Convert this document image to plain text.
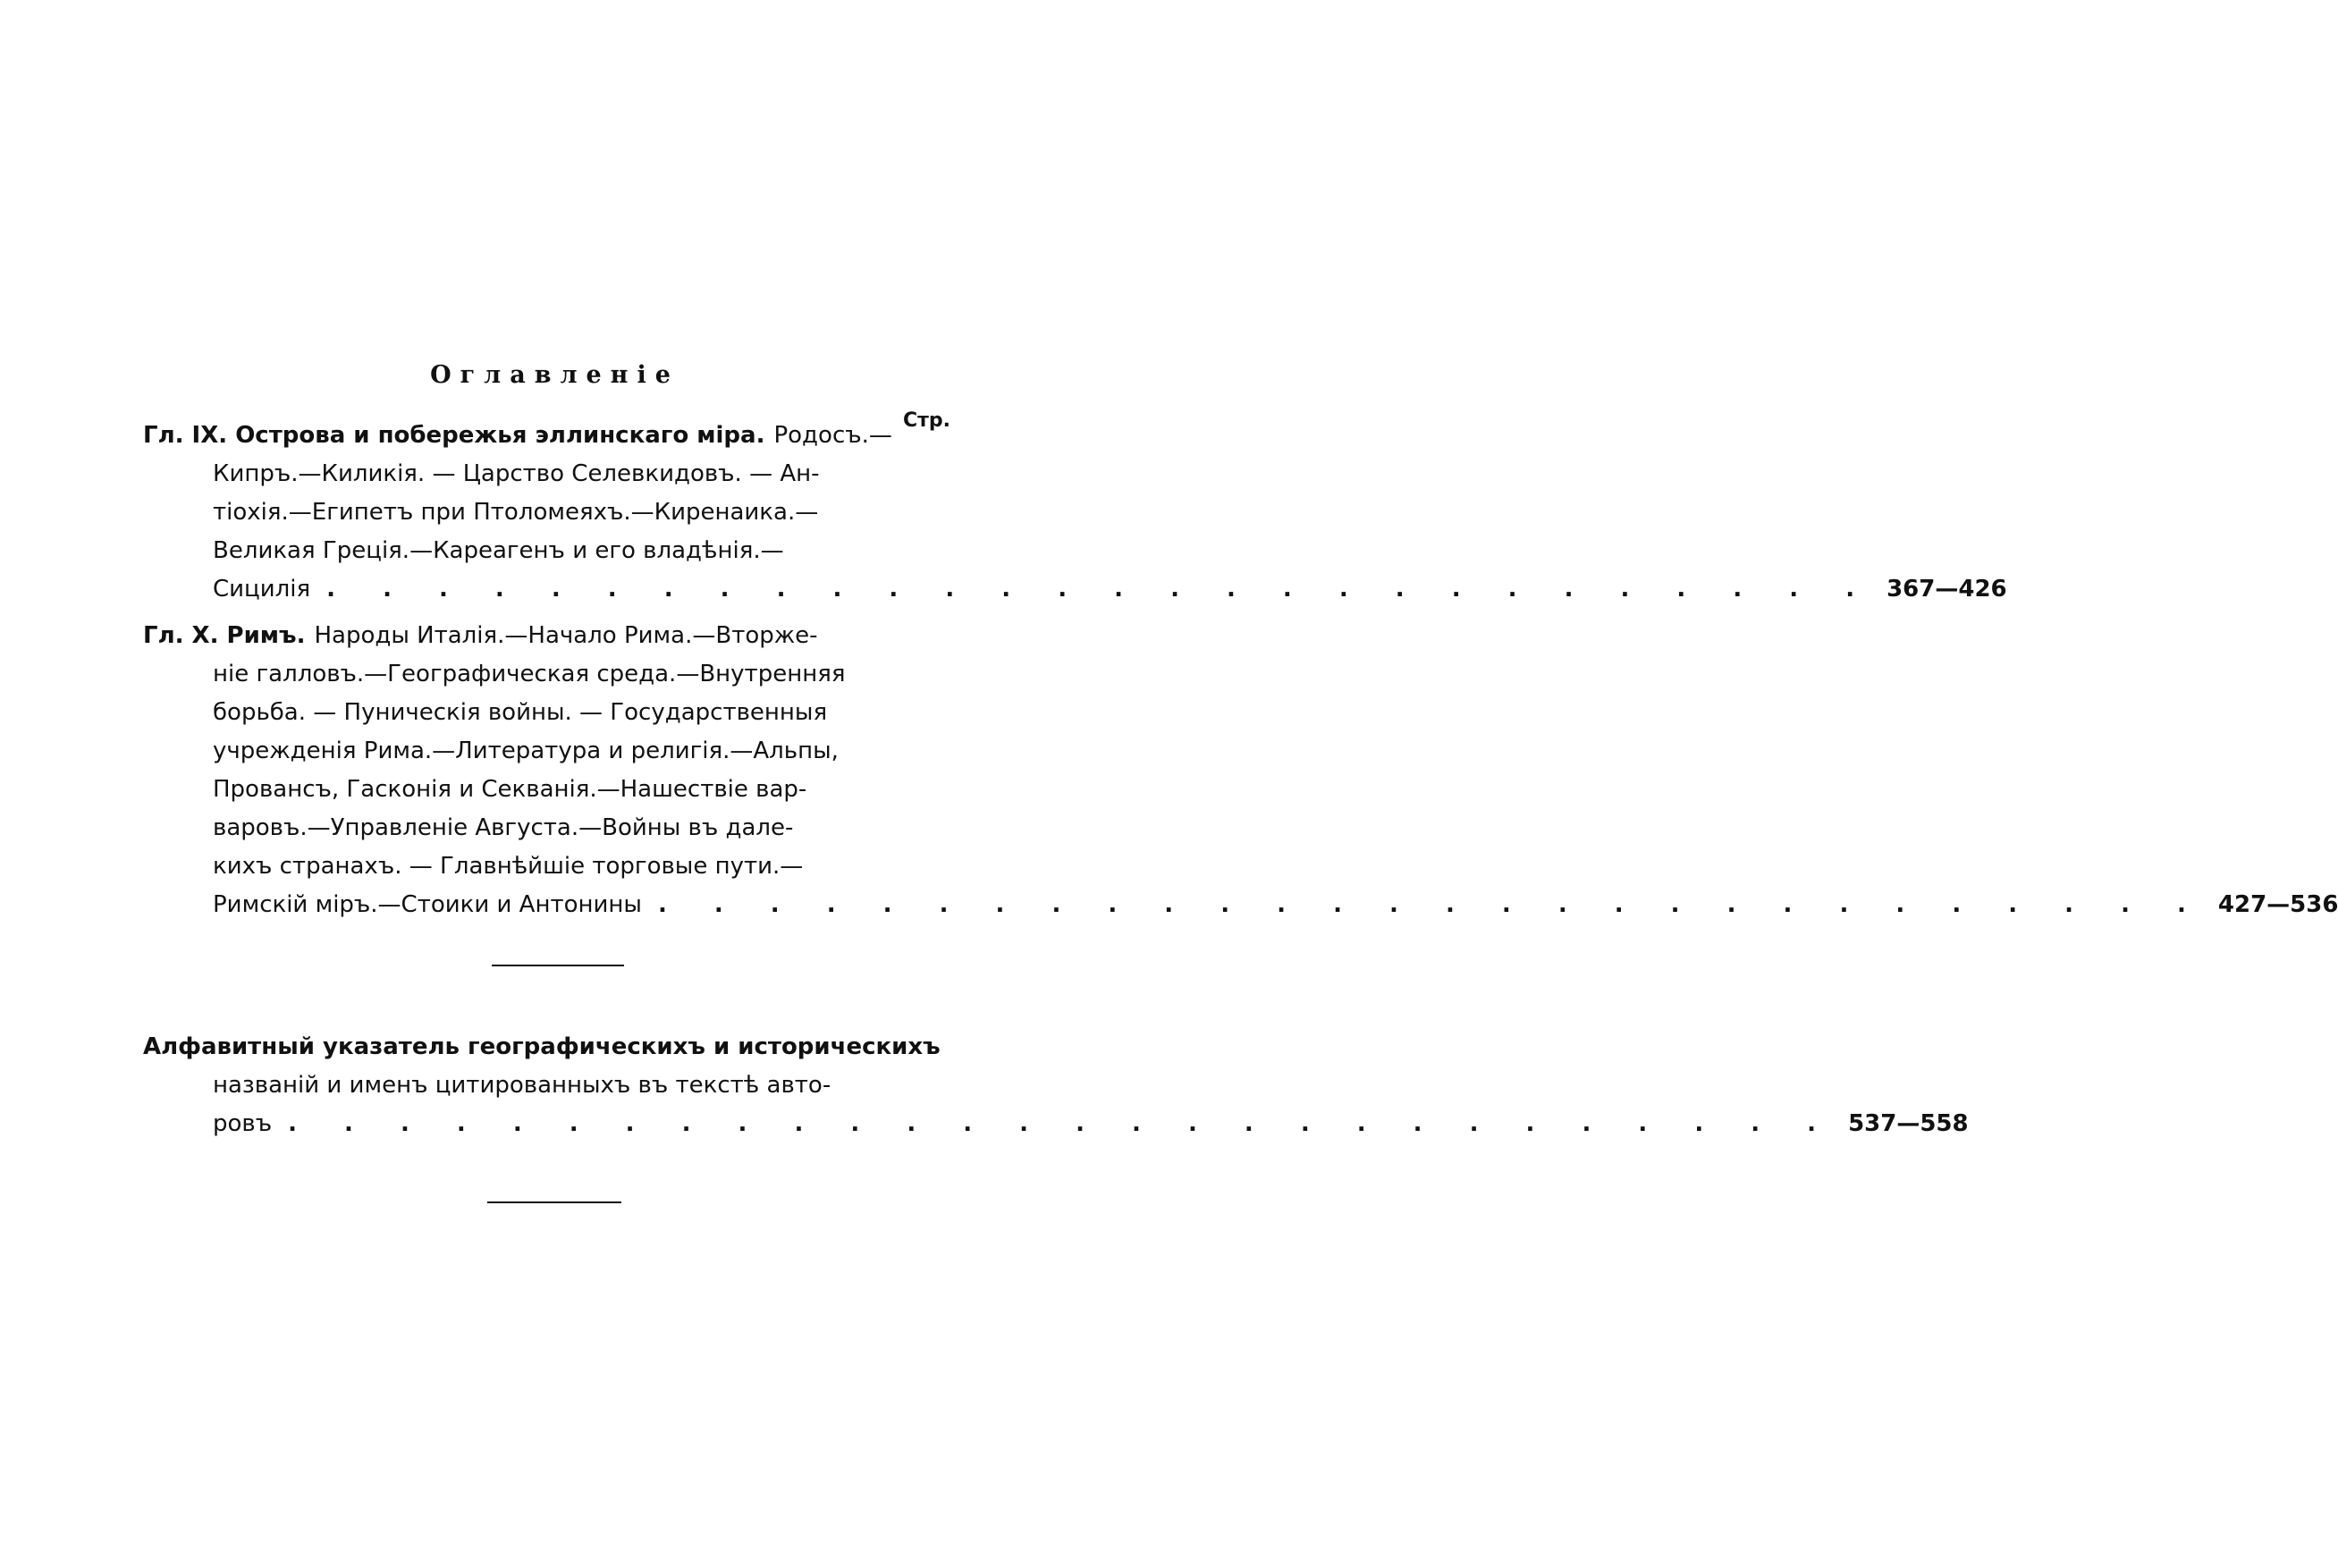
Оглавленiе
Стр.
Гл. IX. Острова и побережья эллинскаго мiра. Родосъ.—
Кипръ.—Киликiя. — Царство Селевкидовъ. — Ан-
тiохiя.—Египетъ при Птоломеяхъ.—Киренаика.—
Великая Грецiя.—Кареагенъ и его владѣнiя.—
Сицилiя . . . . . . . . . . . . . . . . . . . . . . . . . . . . 367—426
Гл. X. Римъ. Народы Италiя.—Начало Рима.—Вторже-
нiе галловъ.—Географическая среда.—Внутренняя
борьба. — Пуническiя войны. — Государственныя
учрежденiя Рима.—Литература и религiя.—Альпы,
Провансъ, Гасконiя и Секванiя.—Нашествiе вар-
варовъ.—Управленiе Августа.—Войны въ дале-
кихъ странахъ. — Главнѣйшiе торговые пути.—
Римскiй мiръ.—Стоики и Антонины . . . . . . . . . . . . . . . . . . . . . . . . . . . . 427—536
Алфавитный указатель географическихъ и историческихъ
названiй и именъ цитированныхъ въ текстѣ авто-
ровъ . . . . . . . . . . . . . . . . . . . . . . . . . . . . 537—558
